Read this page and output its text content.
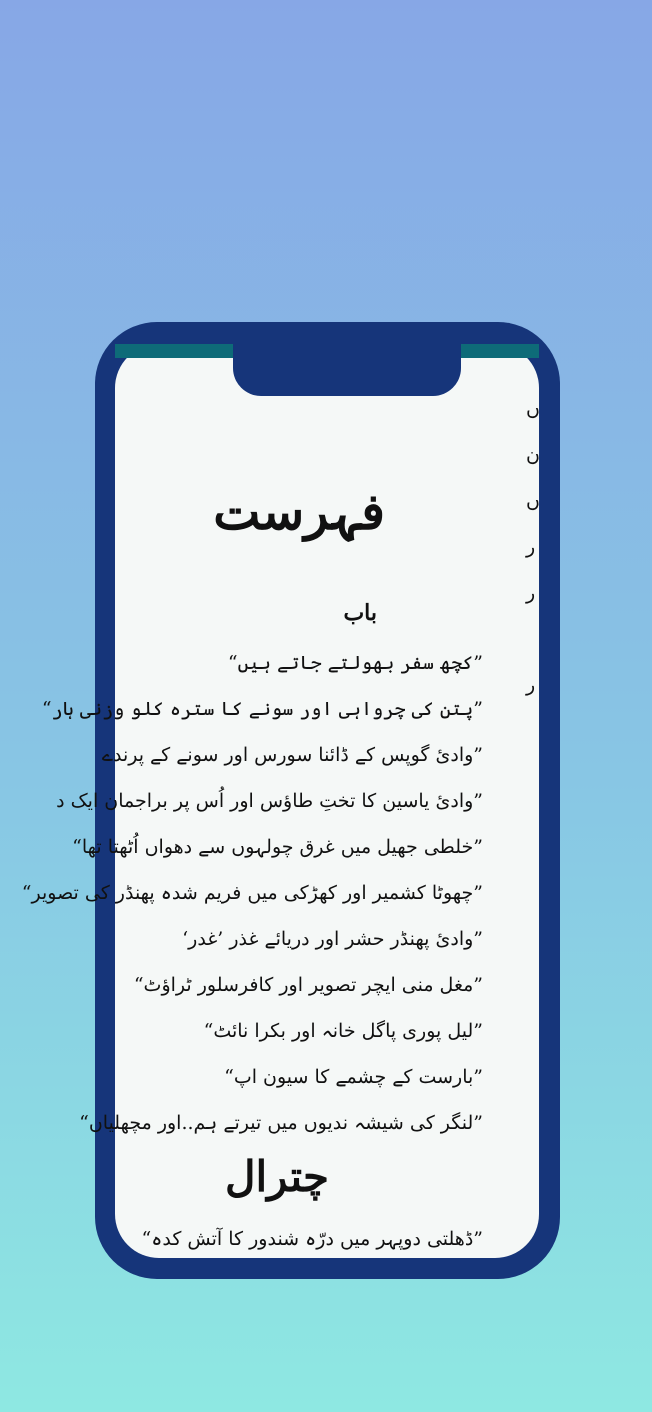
فہرست
باب
”کچھ سفر بھولتے جاتے ہیں“
”پتن کی چرواہی اور سونے کا سترہ کلو وزنی ہار“
”وادیٔ گوپس کے ڈائنا سورس اور سونے کے پرندے
”وادیٔ یاسین کا تختِ طاؤس اور اُس پر براجمان ایک د
”خلطی جھیل میں غرق چولہوں سے دھواں اُٹھتا تھا“
”چھوٹا کشمیر اور کھڑکی میں فریم شدہ پھنڈر کی تصویر“
”وادیٔ پھنڈر حشر اور دریائے غذر ’غدر‘
”مغل منی ایچر تصویر اور کافرسلور ٹراؤٹ“
”لیل پوری پاگل خانہ اور بکرا نائٹ“
”بارست کے چشمے کا سیون اپ“
”لنگر کی شیشہ ندیوں میں تیرتے ہم..اور مچھلیاں“
چترال
”ڈھلتی دوپہر میں درّہ شندور کا آتش کدہ“
ں
ن
ں
ر
ر
ر
